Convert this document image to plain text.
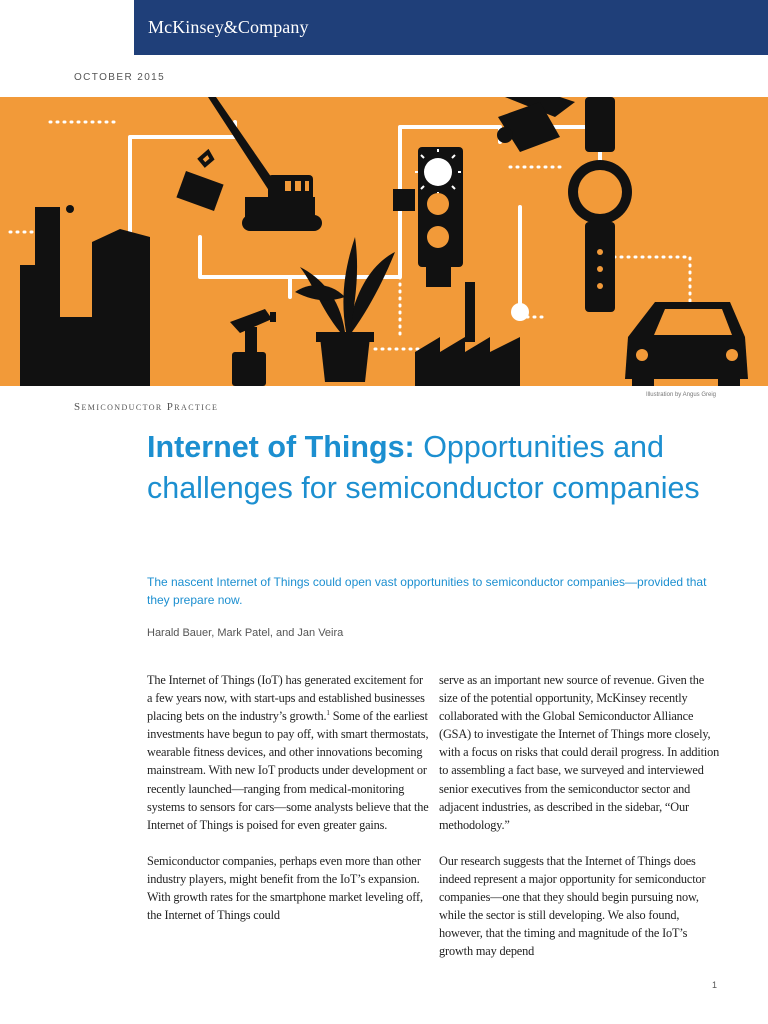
McKinsey&Company
OCTOBER 2015
Illustration by Angus Greig
Semiconductor Practice
Internet of Things: Opportunities and challenges for semiconductor companies

The nascent Internet of Things could open vast opportunities to semiconductor companies—provided that they prepare now.

Harald Bauer, Mark Patel, and Jan Veira

The Internet of Things (IoT) has generated excitement for a few years now, with start-ups and established businesses placing bets on the industry’s growth.$^1$ Some of the earliest investments have begun to pay off, with smart thermostats, wearable fitness devices, and other innovations becoming mainstream. With new IoT products under development or recently launched—ranging from medical-monitoring systems to sensors for cars—some analysts believe that the Internet of Things is poised for even greater gains.

Semiconductor companies, perhaps even more than other industry players, might benefit from the IoT’s expansion. With growth rates for the smartphone market leveling off, the Internet of Things could

serve as an important new source of revenue. Given the size of the potential opportunity, McKinsey recently collaborated with the Global Semiconductor Alliance (GSA) to investigate the Internet of Things more closely, with a focus on risks that could derail progress. In addition to assembling a fact base, we surveyed and interviewed senior executives from the semiconductor sector and adjacent industries, as described in the sidebar, “Our methodology.”

Our research suggests that the Internet of Things does indeed represent a major opportunity for semiconductor companies—one that they should begin pursuing now, while the sector is still developing. We also found, however, that the timing and magnitude of the IoT’s growth may depend

1
